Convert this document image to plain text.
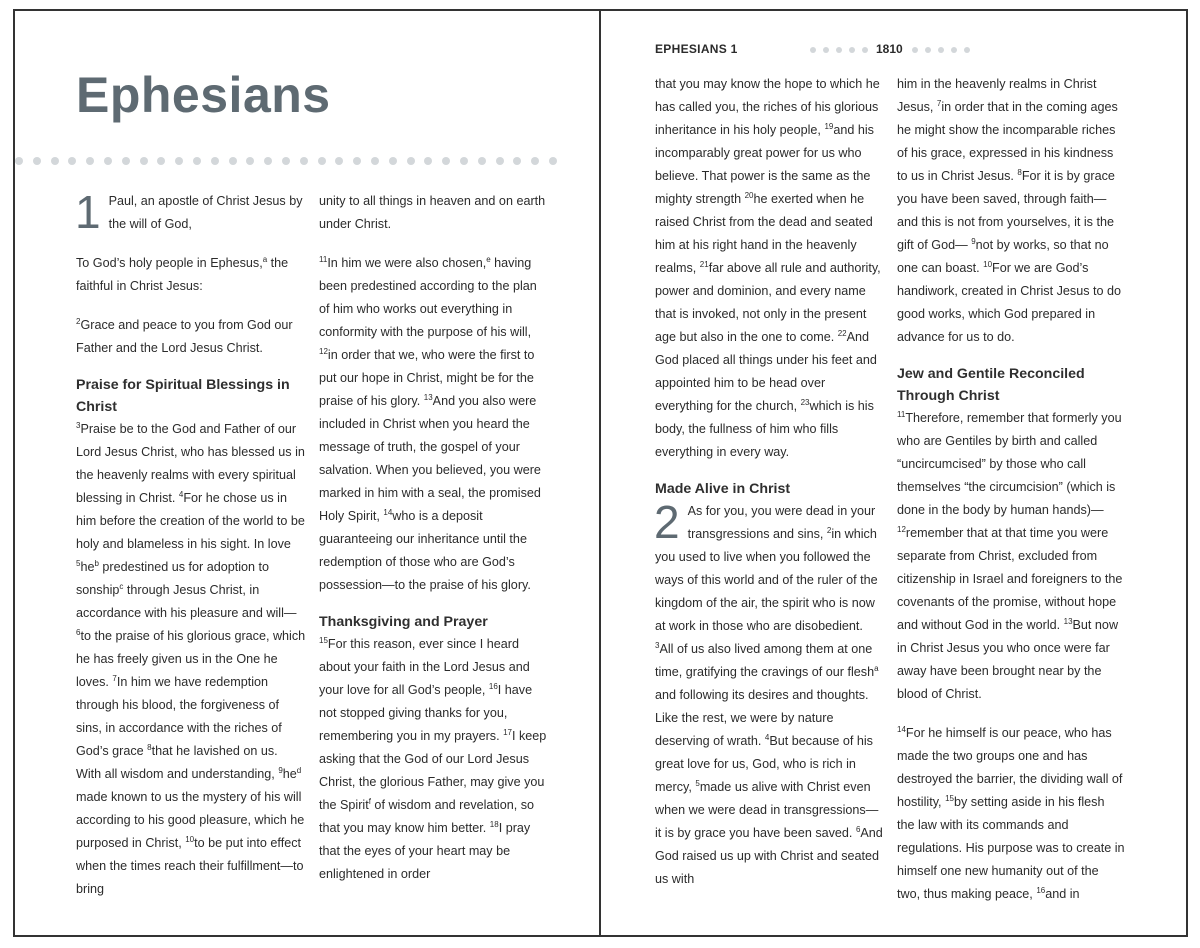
Ephesians

1 Paul, an apostle of Christ Jesus by the will of God,

To God’s holy people in Ephesus,$^a$ the faithful in Christ Jesus:

$^2$Grace and peace to you from God our Father and the Lord Jesus Christ.

Praise for Spiritual Blessings in Christ

$^3$Praise be to the God and Father of our Lord Jesus Christ, who has blessed us in the heavenly realms with every spiritual blessing in Christ. $^4$For he chose us in him before the creation of the world to be holy and blameless in his sight. In love $^5he^b$ predestined us for adoption to sonship$^c$ through Jesus Christ, in accordance with his pleasure and will— $^6$to the praise of his glorious grace, which he has freely given us in the One he loves. $^7$In him we have redemption through his blood, the forgiveness of sins, in accordance with the riches of God’s grace $^8$that he lavished on us. With all wisdom and understanding, $^9he^d$ made known to us the mystery of his will according to his good pleasure, which he purposed in Christ, $^{10}$to be put into effect when the times reach their fulfillment—to bring

unity to all things in heaven and on earth under Christ.

$^{11}$In him we were also chosen,$^e$ having been predestined according to the plan of him who works out everything in conformity with the purpose of his will, $^{12}$in order that we, who were the first to put our hope in Christ, might be for the praise of his glory. $^{13}$And you also were included in Christ when you heard the message of truth, the gospel of your salvation. When you believed, you were marked in him with a seal, the promised Holy Spirit, $^{14}$who is a deposit guaranteeing our inheritance until the redemption of those who are God’s possession—to the praise of his glory.

Thanksgiving and Prayer

$^{15}$For this reason, ever since I heard about your faith in the Lord Jesus and your love for all God’s people, $^{16}$I have not stopped giving thanks for you, remembering you in my prayers. $^{17}$I keep asking that the God of our Lord Jesus Christ, the glorious Father, may give you the Spirit$^f$ of wisdom and revelation, so that you may know him better. $^{18}$I pray that the eyes of your heart may be enlightened in order

EPHESIANS 1	1810

that you may know the hope to which he has called you, the riches of his glorious inheritance in his holy people, $^{19}$and his incomparably great power for us who believe. That power is the same as the mighty strength $^{20}$he exerted when he raised Christ from the dead and seated him at his right hand in the heavenly realms, $^{21}$far above all rule and authority, power and dominion, and every name that is invoked, not only in the present age but also in the one to come. $^{22}$And God placed all things under his feet and appointed him to be head over everything for the church, $^{23}$which is his body, the fullness of him who fills everything in every way.

Made Alive in Christ

2 As for you, you were dead in your transgressions and sins, $^2$in which you used to live when you followed the ways of this world and of the ruler of the kingdom of the air, the spirit who is now at work in those who are disobedient. $^3$All of us also lived among them at one time, gratifying the cravings of our flesh$^a$ and following its desires and thoughts. Like the rest, we were by nature deserving of wrath. $^4$But because of his great love for us, God, who is rich in mercy, $^5$made us alive with Christ even when we were dead in transgressions—it is by grace you have been saved. $^6$And God raised us up with Christ and seated us with

him in the heavenly realms in Christ Jesus, $^7$in order that in the coming ages he might show the incomparable riches of his grace, expressed in his kindness to us in Christ Jesus. $^8$For it is by grace you have been saved, through faith—and this is not from yourselves, it is the gift of God— $^9$not by works, so that no one can boast. $^{10}$For we are God’s handiwork, created in Christ Jesus to do good works, which God prepared in advance for us to do.

Jew and Gentile Reconciled Through Christ

$^{11}$Therefore, remember that formerly you who are Gentiles by birth and called “uncircumcised” by those who call themselves “the circumcision” (which is done in the body by human hands)— $^{12}$remember that at that time you were separate from Christ, excluded from citizenship in Israel and foreigners to the covenants of the promise, without hope and without God in the world. $^{13}$But now in Christ Jesus you who once were far away have been brought near by the blood of Christ.

$^{14}$For he himself is our peace, who has made the two groups one and has destroyed the barrier, the dividing wall of hostility, $^{15}$by setting aside in his flesh the law with its commands and regulations. His purpose was to create in himself one new humanity out of the two, thus making peace, $^{16}$and in
